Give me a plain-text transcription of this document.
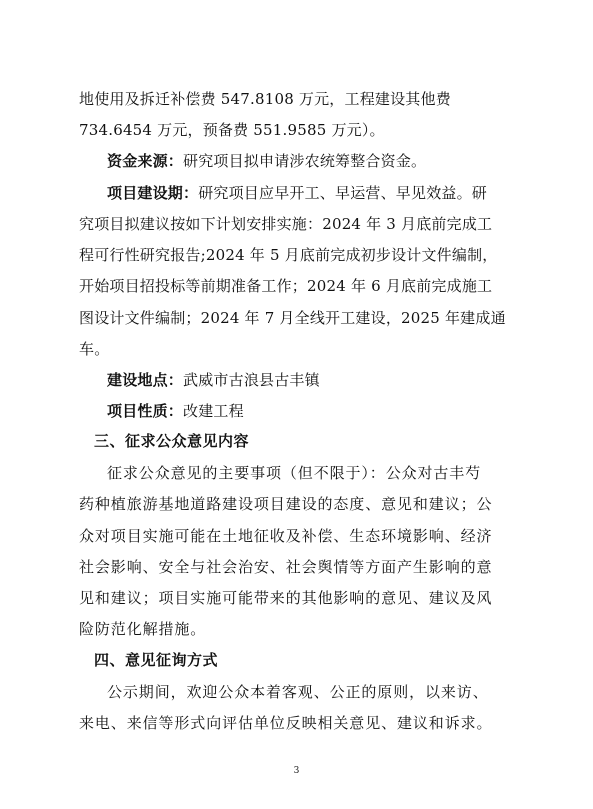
地使用及拆迁补偿费 547.8108 万元，工程建设其他费
734.6454 万元，预备费 551.9585 万元）。
资金来源：研究项目拟申请涉农统筹整合资金。
项目建设期：研究项目应早开工、早运营、早见效益。研
究项目拟建议按如下计划安排实施：2024 年 3 月底前完成工
程可行性研究报告;2024 年 5 月底前完成初步设计文件编制，
开始项目招投标等前期准备工作；2024 年 6 月底前完成施工
图设计文件编制；2024 年 7 月全线开工建设，2025 年建成通
车。
建设地点：武威市古浪县古丰镇
项目性质：改建工程
三、征求公众意见内容
征求公众意见的主要事项（但不限于）：公众对古丰芍
药种植旅游基地道路建设项目建设的态度、意见和建议；公
众对项目实施可能在土地征收及补偿、生态环境影响、经济
社会影响、安全与社会治安、社会舆情等方面产生影响的意
见和建议；项目实施可能带来的其他影响的意见、建议及风
险防范化解措施。
四、意见征询方式
公示期间，欢迎公众本着客观、公正的原则，以来访、
来电、来信等形式向评估单位反映相关意见、建议和诉求。
3
